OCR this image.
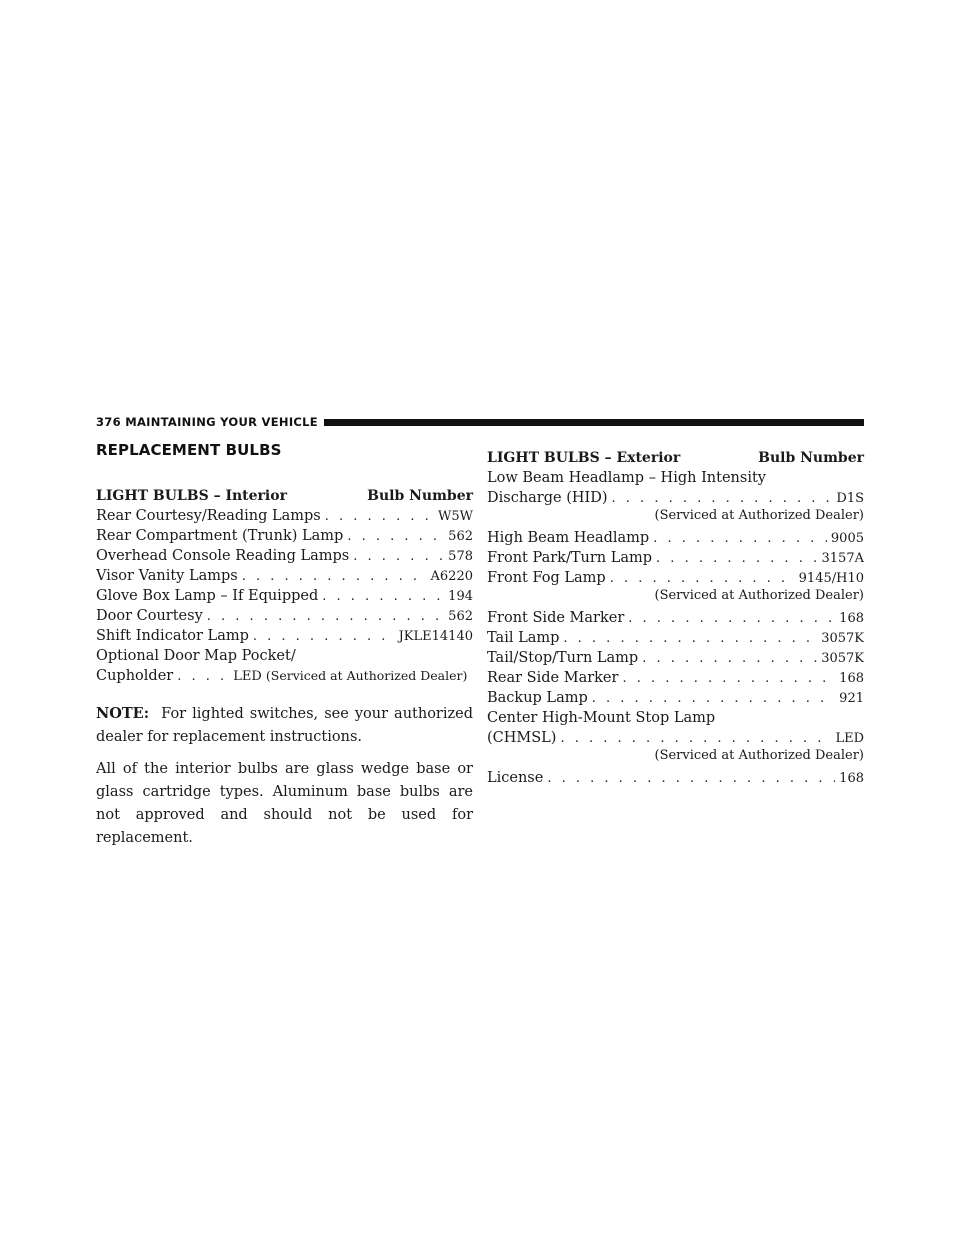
376 MAINTAINING YOUR VEHICLE
REPLACEMENT BULBS
LIGHT BULBS – Interior	Bulb Number
Rear Courtesy/Reading Lamps . . .	W5W
Rear Compartment (Trunk) Lamp . . .	562
Overhead Console Reading Lamps . . .	578
Visor Vanity Lamps . . .	A6220
Glove Box Lamp – If Equipped . . .	194
Door Courtesy . . .	562
Shift Indicator Lamp . . .	JKLE14140
Optional Door Map Pocket/
Cupholder . . .	LED (Serviced at Authorized Dealer)

NOTE: For lighted switches, see your authorized dealer for replacement instructions.

All of the interior bulbs are glass wedge base or glass cartridge types. Aluminum base bulbs are not approved and should not be used for replacement.

LIGHT BULBS – Exterior	Bulb Number
Low Beam Headlamp – High Intensity
Discharge (HID) . . .	D1S
(Serviced at Authorized Dealer)
High Beam Headlamp . . .	9005
Front Park/Turn Lamp . . .	3157A
Front Fog Lamp . . .	9145/H10
(Serviced at Authorized Dealer)
Front Side Marker . . .	168
Tail Lamp . . .	3057K
Tail/Stop/Turn Lamp . . .	3057K
Rear Side Marker . . .	168
Backup Lamp . . .	921
Center High-Mount Stop Lamp
(CHMSL) . . .	LED
(Serviced at Authorized Dealer)
License . . .	168
